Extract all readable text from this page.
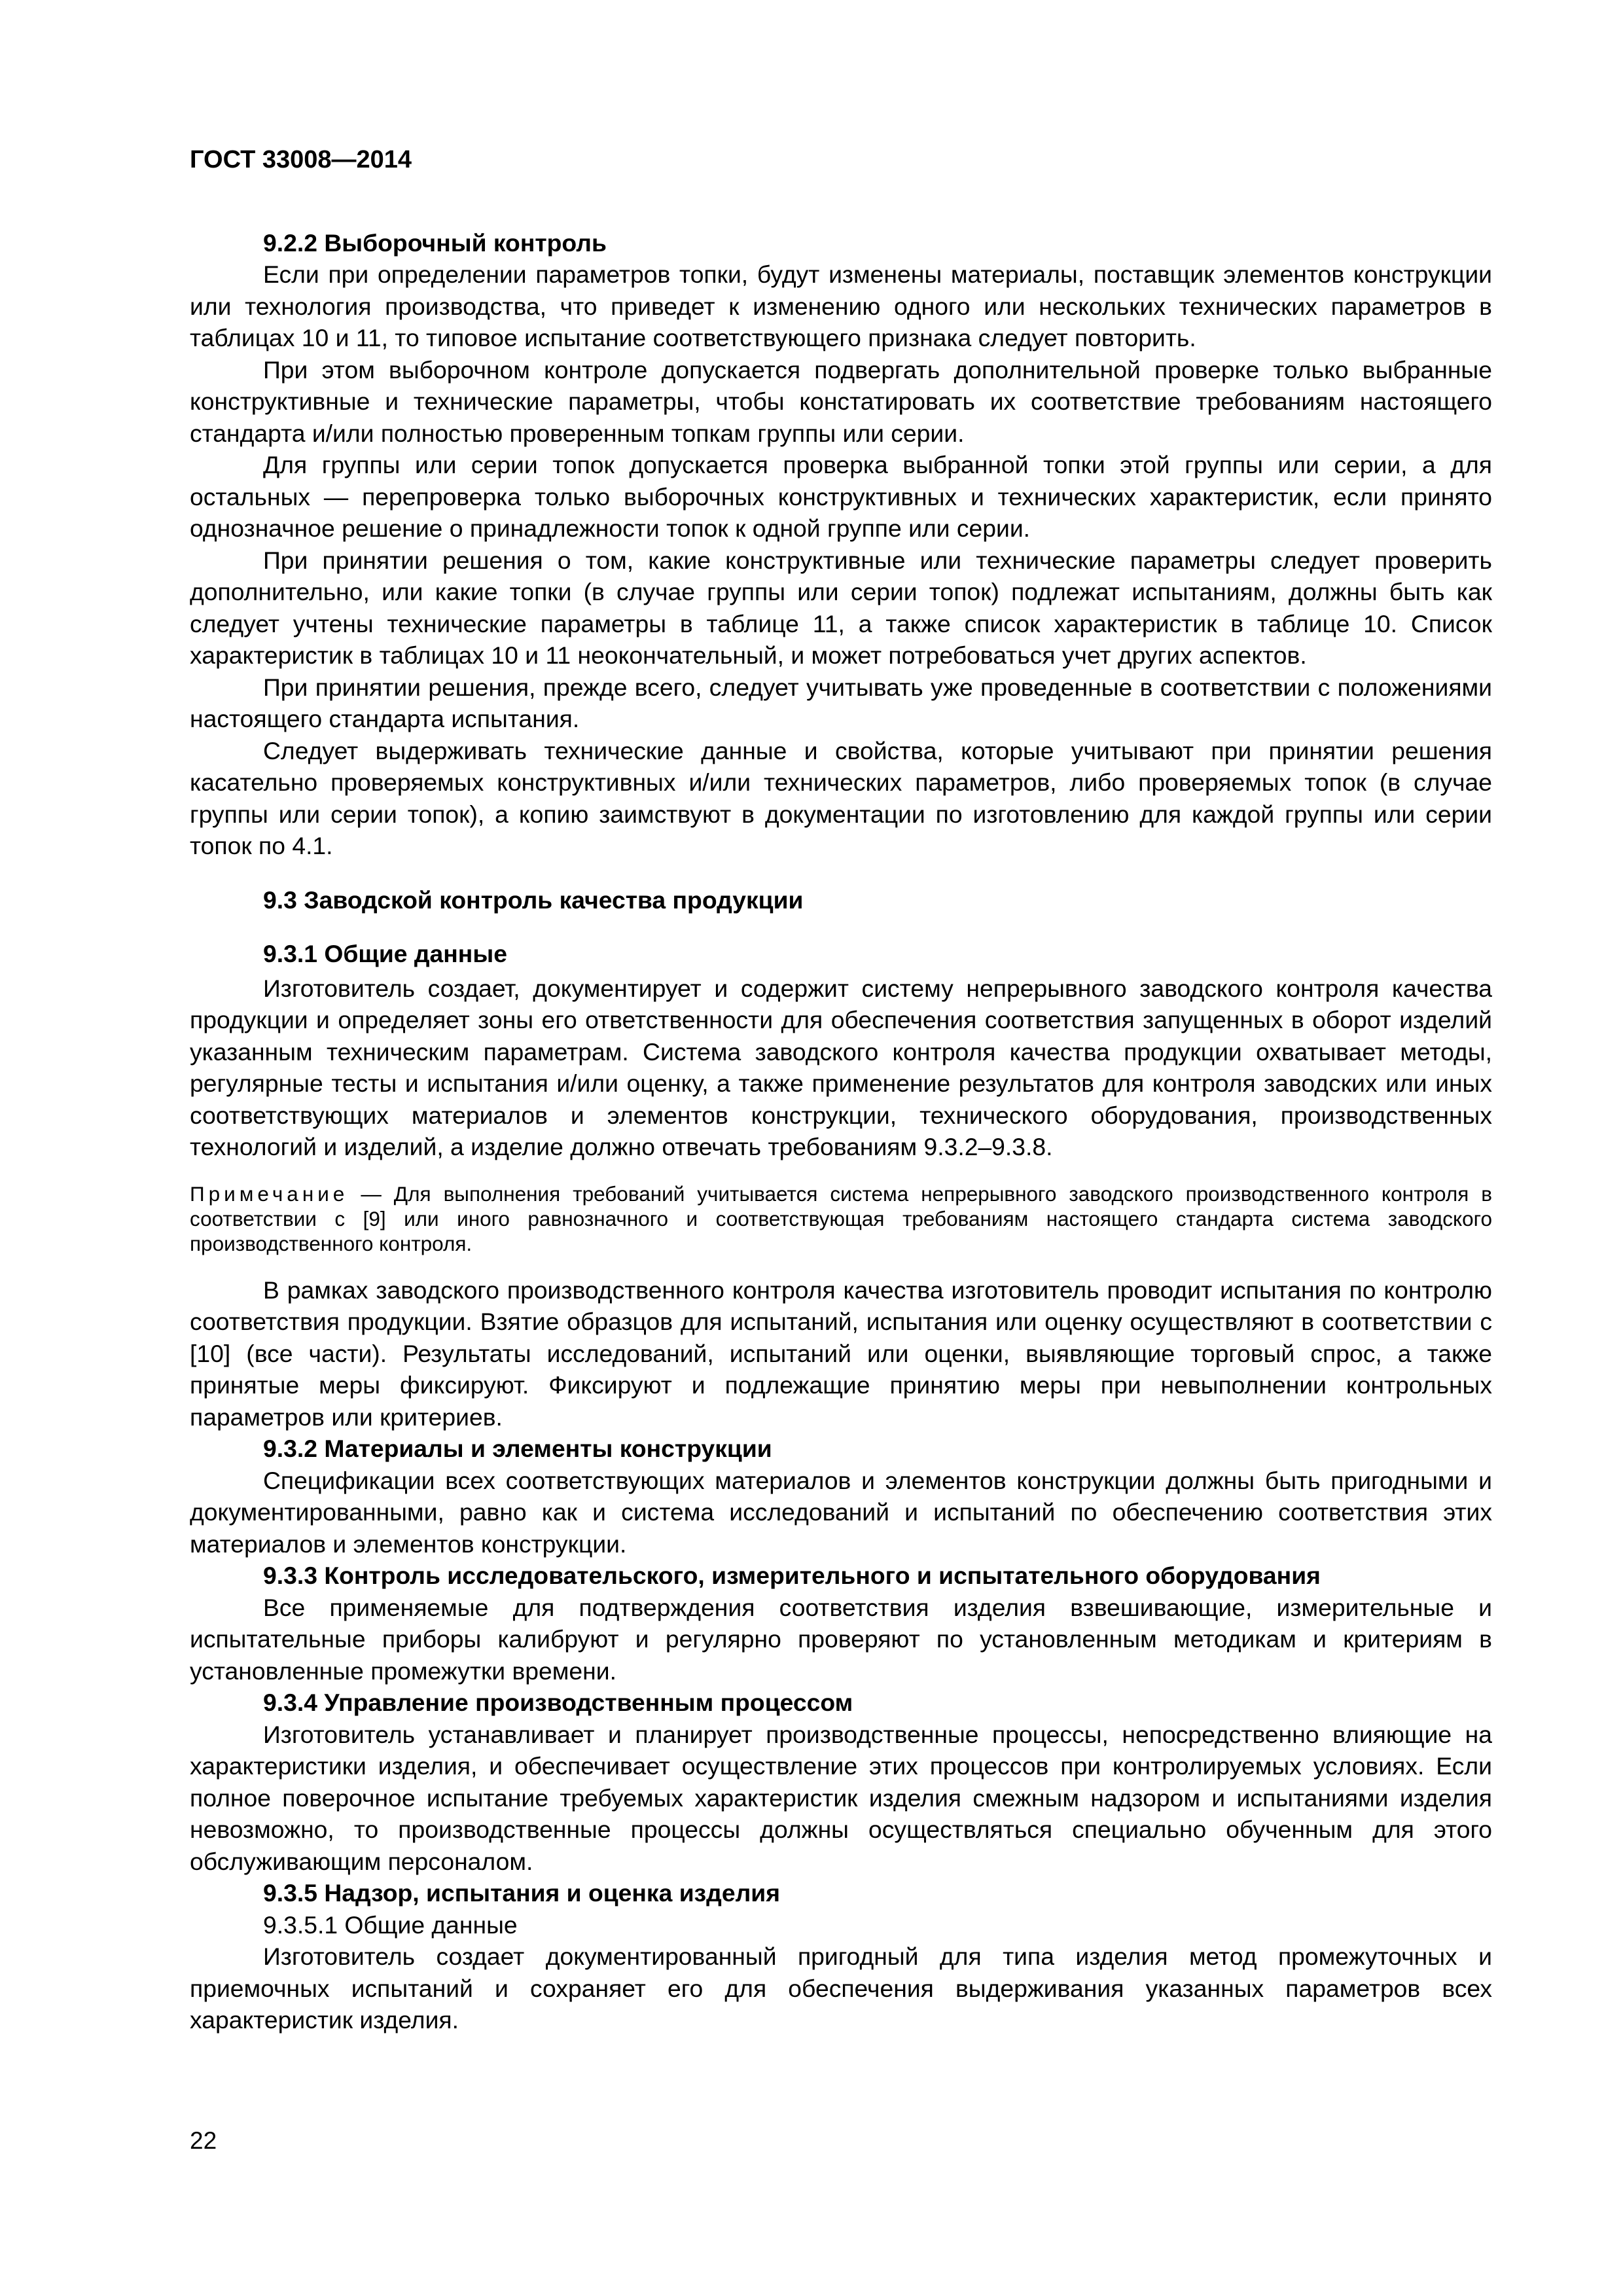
ГОСТ 33008—2014
9.2.2 Выборочный контроль
Если при определении параметров топки, будут изменены материалы, поставщик элементов конструкции или технология производства, что приведет к изменению одного или нескольких технических параметров в таблицах 10 и 11, то типовое испытание соответствующего признака следует повторить.
При этом выборочном контроле допускается подвергать дополнительной проверке только выбранные конструктивные и технические параметры, чтобы констатировать их соответствие требованиям настоящего стандарта и/или полностью проверенным топкам группы или серии.
Для группы или серии топок допускается проверка выбранной топки этой группы или серии, а для остальных — перепроверка только выборочных конструктивных и технических характеристик, если принято однозначное решение о принадлежности топок к одной группе или серии.
При принятии решения о том, какие конструктивные или технические параметры следует проверить дополнительно, или какие топки (в случае группы или серии топок) подлежат испытаниям, должны быть как следует учтены технические параметры в таблице 11, а также список характеристик в таблице 10. Список характеристик в таблицах 10 и 11 неокончательный, и может потребоваться учет других аспектов.
При принятии решения, прежде всего, следует учитывать уже проведенные в соответствии с положениями настоящего стандарта испытания.
Следует выдерживать технические данные и свойства, которые учитывают при принятии решения касательно проверяемых конструктивных и/или технических параметров, либо проверяемых топок (в случае группы или серии топок), а копию заимствуют в документации по изготовлению для каждой группы или серии топок по 4.1.
9.3 Заводской контроль качества продукции
9.3.1 Общие данные
Изготовитель создает, документирует и содержит систему непрерывного заводского контроля качества продукции и определяет зоны его ответственности для обеспечения соответствия запущенных в оборот изделий указанным техническим параметрам. Система заводского контроля качества продукции охватывает методы, регулярные тесты и испытания и/или оценку, а также применение результатов для контроля заводских или иных соответствующих материалов и элементов конструкции, технического оборудования, производственных технологий и изделий, а изделие должно отвечать требованиям 9.3.2–9.3.8.
Примечание — Для выполнения требований учитывается система непрерывного заводского производственного контроля в соответствии с [9] или иного равнозначного и соответствующая требованиям настоящего стандарта система заводского производственного контроля.
В рамках заводского производственного контроля качества изготовитель проводит испытания по контролю соответствия продукции. Взятие образцов для испытаний, испытания или оценку осуществляют в соответствии с [10] (все части). Результаты исследований, испытаний или оценки, выявляющие торговый спрос, а также принятые меры фиксируют. Фиксируют и подлежащие принятию меры при невыполнении контрольных параметров или критериев.
9.3.2 Материалы и элементы конструкции
Спецификации всех соответствующих материалов и элементов конструкции должны быть пригодными и документированными, равно как и система исследований и испытаний по обеспечению соответствия этих материалов и элементов конструкции.
9.3.3 Контроль исследовательского, измерительного и испытательного оборудования
Все применяемые для подтверждения соответствия изделия взвешивающие, измерительные и испытательные приборы калибруют и регулярно проверяют по установленным методикам и критериям в установленные промежутки времени.
9.3.4 Управление производственным процессом
Изготовитель устанавливает и планирует производственные процессы, непосредственно влияющие на характеристики изделия, и обеспечивает осуществление этих процессов при контролируемых условиях. Если полное поверочное испытание требуемых характеристик изделия смежным надзором и испытаниями изделия невозможно, то производственные процессы должны осуществляться специально обученным для этого обслуживающим персоналом.
9.3.5 Надзор, испытания и оценка изделия
9.3.5.1 Общие данные
Изготовитель создает документированный пригодный для типа изделия метод промежуточных и приемочных испытаний и сохраняет его для обеспечения выдерживания указанных параметров всех характеристик изделия.
22
